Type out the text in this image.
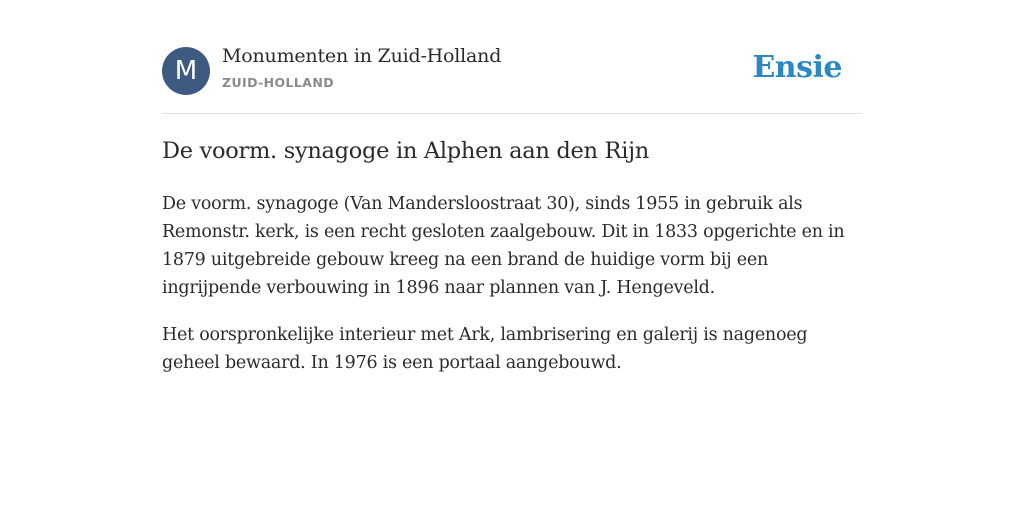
M	Monumenten in Zuid-Holland
ZUID-HOLLAND	Ensie
De voorm. synagoge in Alphen aan den Rijn

De voorm. synagoge (Van Mandersloostraat 30), sinds 1955 in gebruik als Remonstr. kerk, is een recht gesloten zaalgebouw. Dit in 1833 opgerichte en in 1879 uitgebreide gebouw kreeg na een brand de huidige vorm bij een ingrijpende verbouwing in 1896 naar plannen van J. Hengeveld.

Het oorspronkelijke interieur met Ark, lambrisering en galerij is nagenoeg geheel bewaard. In 1976 is een portaal aangebouwd.
